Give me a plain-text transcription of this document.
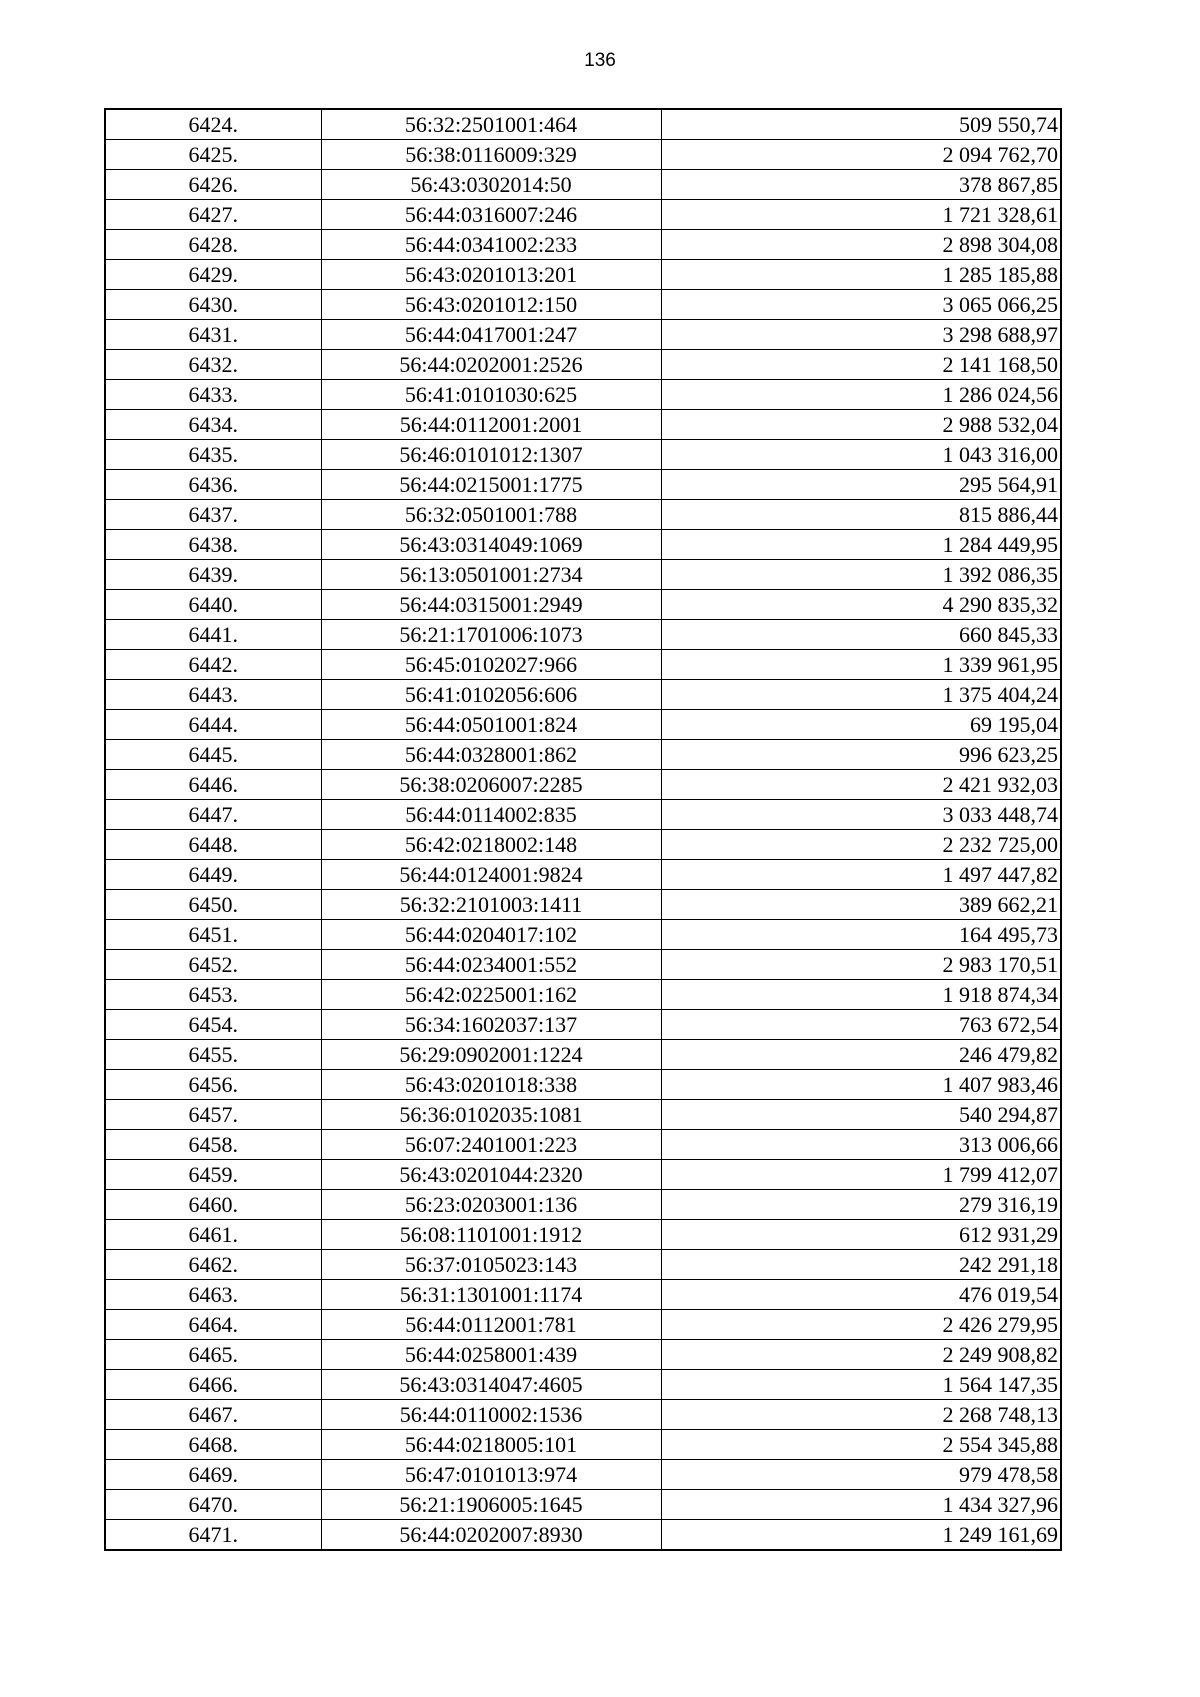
136
6424.	56:32:2501001:464	509 550,74
6425.	56:38:0116009:329	2 094 762,70
6426.	56:43:0302014:50	378 867,85
6427.	56:44:0316007:246	1 721 328,61
6428.	56:44:0341002:233	2 898 304,08
6429.	56:43:0201013:201	1 285 185,88
6430.	56:43:0201012:150	3 065 066,25
6431.	56:44:0417001:247	3 298 688,97
6432.	56:44:0202001:2526	2 141 168,50
6433.	56:41:0101030:625	1 286 024,56
6434.	56:44:0112001:2001	2 988 532,04
6435.	56:46:0101012:1307	1 043 316,00
6436.	56:44:0215001:1775	295 564,91
6437.	56:32:0501001:788	815 886,44
6438.	56:43:0314049:1069	1 284 449,95
6439.	56:13:0501001:2734	1 392 086,35
6440.	56:44:0315001:2949	4 290 835,32
6441.	56:21:1701006:1073	660 845,33
6442.	56:45:0102027:966	1 339 961,95
6443.	56:41:0102056:606	1 375 404,24
6444.	56:44:0501001:824	69 195,04
6445.	56:44:0328001:862	996 623,25
6446.	56:38:0206007:2285	2 421 932,03
6447.	56:44:0114002:835	3 033 448,74
6448.	56:42:0218002:148	2 232 725,00
6449.	56:44:0124001:9824	1 497 447,82
6450.	56:32:2101003:1411	389 662,21
6451.	56:44:0204017:102	164 495,73
6452.	56:44:0234001:552	2 983 170,51
6453.	56:42:0225001:162	1 918 874,34
6454.	56:34:1602037:137	763 672,54
6455.	56:29:0902001:1224	246 479,82
6456.	56:43:0201018:338	1 407 983,46
6457.	56:36:0102035:1081	540 294,87
6458.	56:07:2401001:223	313 006,66
6459.	56:43:0201044:2320	1 799 412,07
6460.	56:23:0203001:136	279 316,19
6461.	56:08:1101001:1912	612 931,29
6462.	56:37:0105023:143	242 291,18
6463.	56:31:1301001:1174	476 019,54
6464.	56:44:0112001:781	2 426 279,95
6465.	56:44:0258001:439	2 249 908,82
6466.	56:43:0314047:4605	1 564 147,35
6467.	56:44:0110002:1536	2 268 748,13
6468.	56:44:0218005:101	2 554 345,88
6469.	56:47:0101013:974	979 478,58
6470.	56:21:1906005:1645	1 434 327,96
6471.	56:44:0202007:8930	1 249 161,69
